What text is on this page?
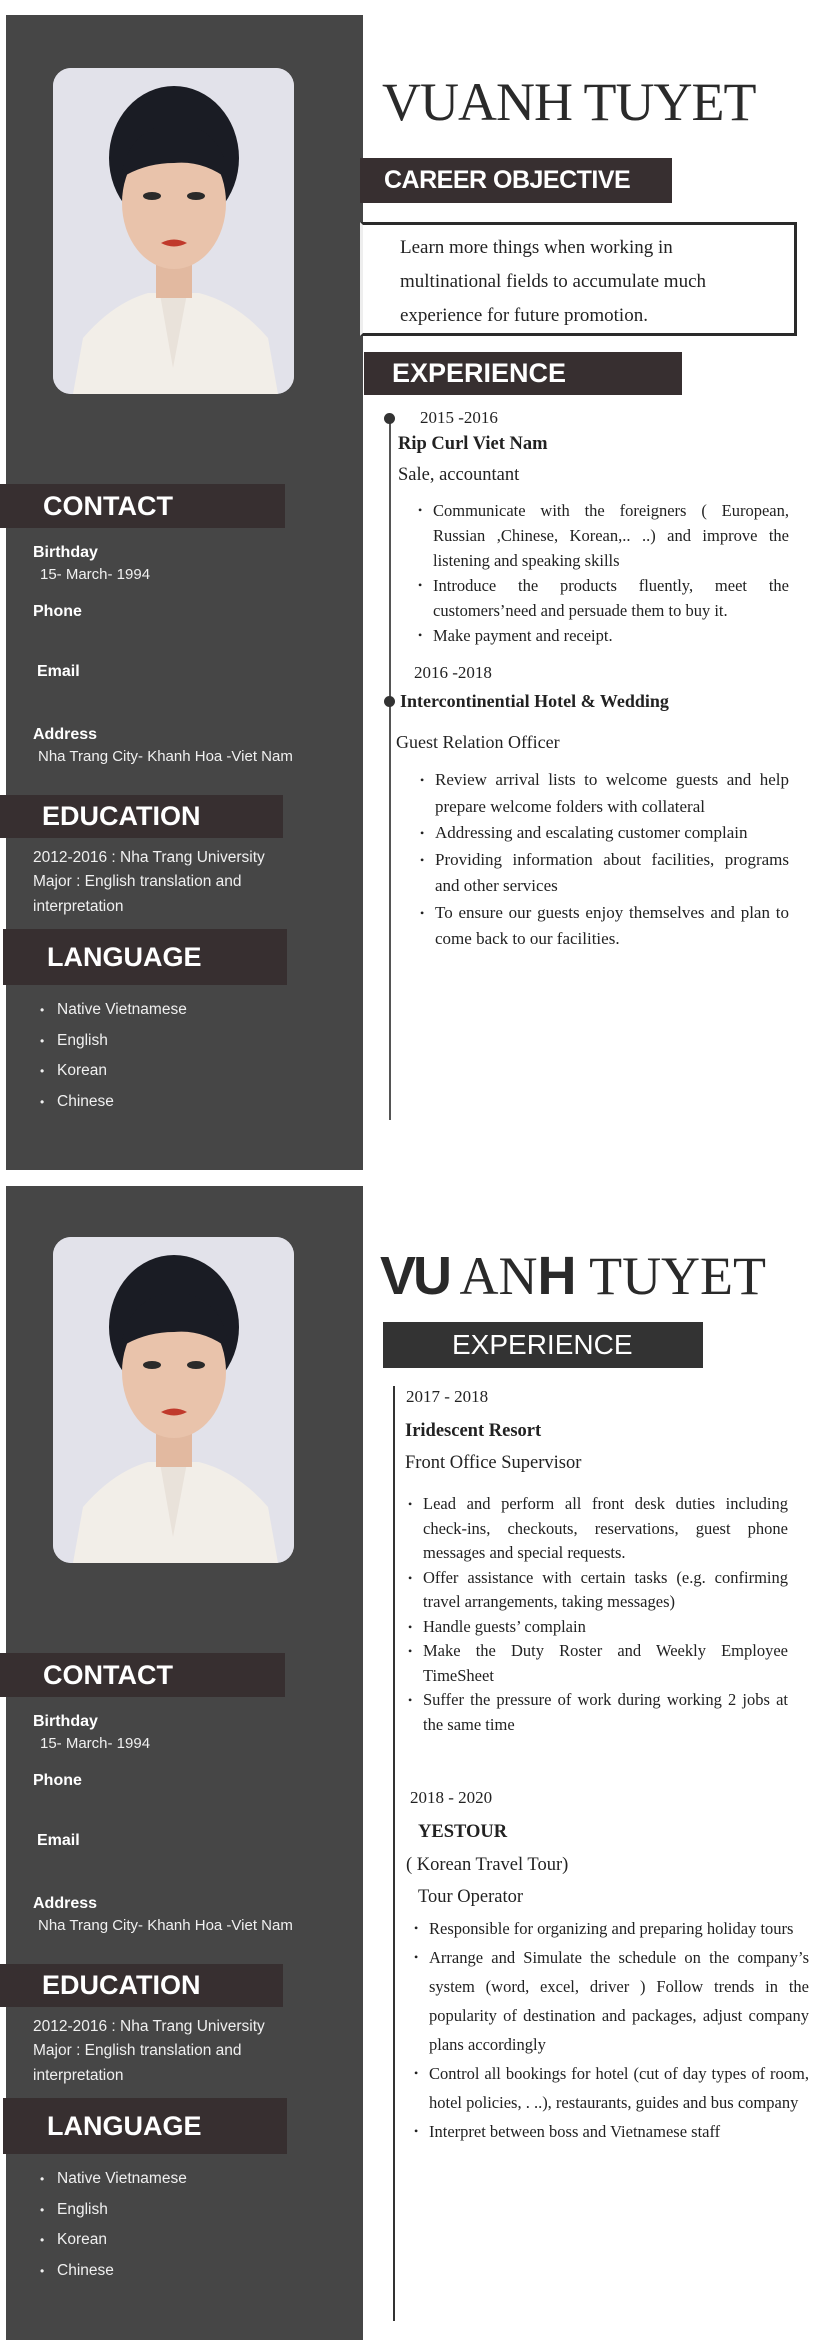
CONTACT
Birthday
15- March- 1994
Phone
Email
Address
Nha Trang City- Khanh Hoa -Viet Nam
EDUCATION
2012-2016 : Nha Trang University
Major : English translation and
interpretation
LANGUAGE
• Native Vietnamese
• English
• Korean
• Chinese
VUANH TUYET
CAREER OBJECTIVE
Learn more things when working in
multinational fields to accumulate much
experience for future promotion.
EXPERIENCE
2015 -2016
Rip Curl Viet Nam
Sale, accountant
• Communicate with the foreigners ( European, Russian ,Chinese, Korean,.. ..) and improve the listening and speaking skills
• Introduce the products fluently, meet the customers’need and persuade them to buy it.
• Make payment and receipt.
2016 -2018
Intercontinential Hotel & Wedding
Guest Relation Officer
• Review arrival lists to welcome guests and help prepare welcome folders with collateral
• Addressing and escalating customer complain
• Providing information about facilities, programs and other services
• To ensure our guests enjoy themselves and plan to come back to our facilities.
CONTACT
Birthday
15- March- 1994
Phone
Email
Address
Nha Trang City- Khanh Hoa -Viet Nam
EDUCATION
2012-2016 : Nha Trang University
Major : English translation and
interpretation
LANGUAGE
• Native Vietnamese
• English
• Korean
• Chinese
VU ANH TUYET
EXPERIENCE
2017 - 2018
Iridescent Resort
Front Office Supervisor
• Lead and perform all front desk duties including check-ins, checkouts, reservations, guest phone messages and special requests.
• Offer assistance with certain tasks (e.g. confirming travel arrangements, taking messages)
• Handle guests’ complain
• Make the Duty Roster and Weekly Employee TimeSheet
• Suffer the pressure of work during working 2 jobs at the same time
2018 - 2020
YESTOUR
( Korean Travel Tour)
Tour Operator
• Responsible for organizing and preparing holiday tours
• Arrange and Simulate the schedule on the company’s system (word, excel, driver ) Follow trends in the popularity of destination and packages, adjust company plans accordingly
• Control all bookings for hotel (cut of day types of room, hotel policies, . ..), restaurants, guides and bus company
• Interpret between boss and Vietnamese staff
